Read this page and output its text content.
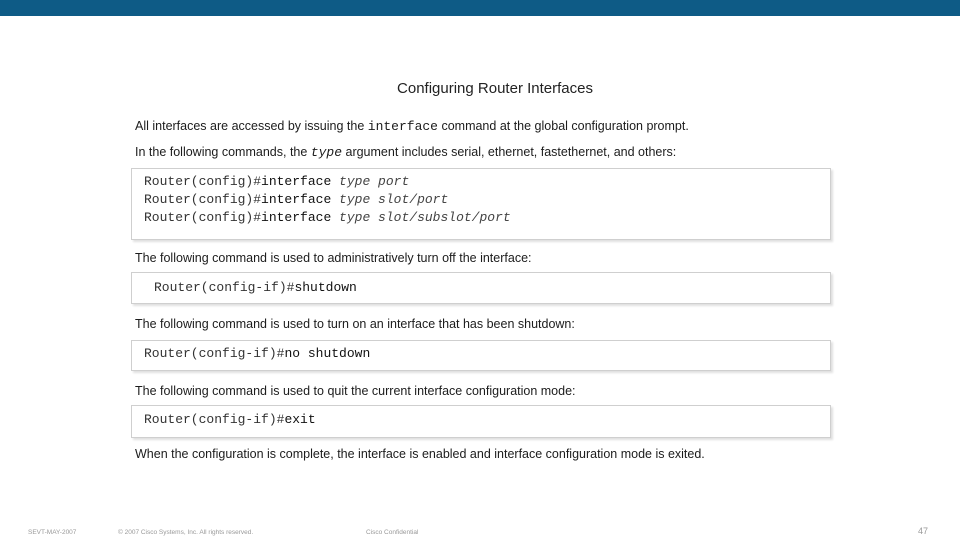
Configuring Router Interfaces
All interfaces are accessed by issuing the interface command at the global configuration prompt.
In the following commands, the type argument includes serial, ethernet, fastethernet, and others:
Router(config)#interface type port
Router(config)#interface type slot/port
Router(config)#interface type slot/subslot/port
The following command is used to administratively turn off the interface:
Router(config-if)#shutdown
The following command is used to turn on an interface that has been shutdown:
Router(config-if)#no shutdown
The following command is used to quit the current interface configuration mode:
Router(config-if)#exit
When the configuration is complete, the interface is enabled and interface configuration mode is exited.
SEVT-MAY-2007	© 2007 Cisco Systems, Inc. All rights reserved.	Cisco Confidential	47
